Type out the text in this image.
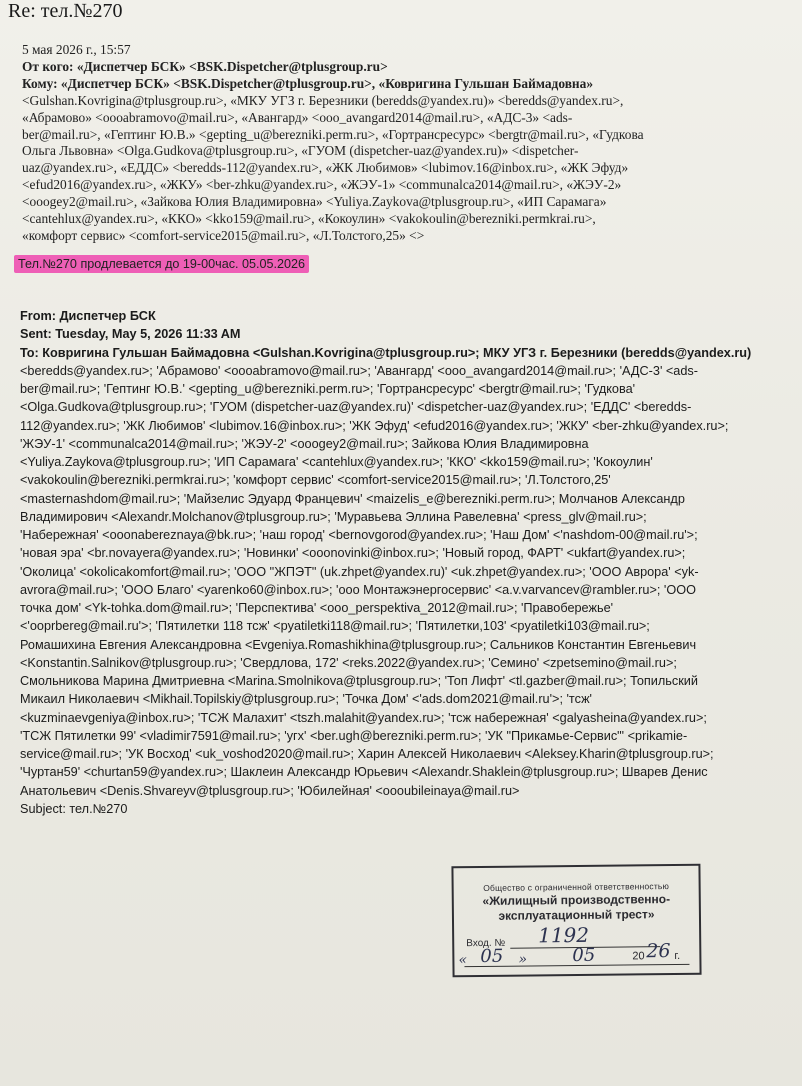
Re: тел.№270
5 мая 2026 г., 15:57
От кого: «Диспетчер БСК» <BSK.Dispetcher@tplusgroup.ru>
Кому: «Диспетчер БСК» <BSK.Dispetcher@tplusgroup.ru>, «Ковригина Гульшан Баймадовна»
<Gulshan.Kovrigina@tplusgroup.ru>, «МКУ УГЗ г. Березники (beredds@yandex.ru)» <beredds@yandex.ru>,
«Абрамово» <oooabramovo@mail.ru>, «Авангард» <ooo_avangard2014@mail.ru>, «АДС-3» <ads-
ber@mail.ru>, «Гептинг Ю.В.» <gepting_u@berezniki.perm.ru>, «Гортрансресурс» <bergtr@mail.ru>, «Гудкова
Ольга Львовна» <Olga.Gudkova@tplusgroup.ru>, «ГУОМ (dispetcher-uaz@yandex.ru)» <dispetcher-
uaz@yandex.ru>, «ЕДДС» <beredds-112@yandex.ru>, «ЖК Любимов» <lubimov.16@inbox.ru>, «ЖК Эфуд»
<efud2016@yandex.ru>, «ЖКУ» <ber-zhku@yandex.ru>, «ЖЭУ-1» <communalca2014@mail.ru>, «ЖЭУ-2»
<ooogey2@mail.ru>, «Зайкова Юлия Владимировна» <Yuliya.Zaykova@tplusgroup.ru>, «ИП Сарамага»
<cantehlux@yandex.ru>, «ККО» <kko159@mail.ru>, «Кокоулин» <vakokoulin@berezniki.permkrai.ru>,
«комфорт сервис» <comfort-service2015@mail.ru>, «Л.Толстого,25» <>
Тел.№270 продлевается до 19-00час. 05.05.2026
From: Диспетчер БСК
Sent: Tuesday, May 5, 2026 11:33 AM
To: Ковригина Гульшан Баймадовна <Gulshan.Kovrigina@tplusgroup.ru>; МКУ УГЗ г. Березники (beredds@yandex.ru)
<beredds@yandex.ru>; 'Абрамово' <oooabramovo@mail.ru>; 'Авангард' <ooo_avangard2014@mail.ru>; 'АДС-3' <ads-
ber@mail.ru>; 'Гептинг Ю.В.' <gepting_u@berezniki.perm.ru>; 'Гортрансресурс' <bergtr@mail.ru>; 'Гудкова'
<Olga.Gudkova@tplusgroup.ru>; 'ГУОМ (dispetcher-uaz@yandex.ru)' <dispetcher-uaz@yandex.ru>; 'ЕДДС' <beredds-
112@yandex.ru>; 'ЖК Любимов' <lubimov.16@inbox.ru>; 'ЖК Эфуд' <efud2016@yandex.ru>; 'ЖКУ' <ber-zhku@yandex.ru>;
'ЖЭУ-1' <communalca2014@mail.ru>; 'ЖЭУ-2' <ooogey2@mail.ru>; Зайкова Юлия Владимировна
<Yuliya.Zaykova@tplusgroup.ru>; 'ИП Сарамага' <cantehlux@yandex.ru>; 'ККО' <kko159@mail.ru>; 'Кокоулин'
<vakokoulin@berezniki.permkrai.ru>; 'комфорт сервис' <comfort-service2015@mail.ru>; 'Л.Толстого,25'
<masternashdom@mail.ru>; 'Майзелис Эдуард Францевич' <maizelis_e@berezniki.perm.ru>; Молчанов Александр
Владимирович <Alexandr.Molchanov@tplusgroup.ru>; 'Муравьева Эллина Равелевна' <press_glv@mail.ru>;
'Набережная' <ooonabereznaya@bk.ru>; 'наш город' <bernovgorod@yandex.ru>; 'Наш Дом' <'nashdom-00@mail.ru'>;
'новая эра' <br.novayera@yandex.ru>; 'Новинки' <ooonovinki@inbox.ru>; 'Новый город, ФАРТ' <ukfart@yandex.ru>;
'Околица' <okolicakomfort@mail.ru>; 'ООО "ЖПЭТ" (uk.zhpet@yandex.ru)' <uk.zhpet@yandex.ru>; 'ООО Аврора' <yk-
avrora@mail.ru>; 'ООО Благо' <yarenko60@inbox.ru>; 'ооо Монтажэнергосервис' <a.v.varvancev@rambler.ru>; 'ООО
точка дом' <Yk-tohka.dom@mail.ru>; 'Перспектива' <ooo_perspektiva_2012@mail.ru>; 'Правобережье'
<'ooprbereg@mail.ru'>; 'Пятилетки 118 тсж' <pyatiletki118@mail.ru>; 'Пятилетки,103' <pyatiletki103@mail.ru>;
Ромашихина Евгения Александровна <Evgeniya.Romashikhina@tplusgroup.ru>; Сальников Константин Евгеньевич
<Konstantin.Salnikov@tplusgroup.ru>; 'Свердлова, 172' <reks.2022@yandex.ru>; 'Семино' <zpetsemino@mail.ru>;
Смольникова Марина Дмитриевна <Marina.Smolnikova@tplusgroup.ru>; 'Топ Лифт' <tl.gazber@mail.ru>; Топильский
Микаил Николаевич <Mikhail.Topilskiy@tplusgroup.ru>; 'Точка Дом' <'ads.dom2021@mail.ru'>; 'тсж'
<kuzminaevgeniya@inbox.ru>; 'ТСЖ Малахит' <tszh.malahit@yandex.ru>; 'тсж набережная' <galyasheina@yandex.ru>;
'ТСЖ Пятилетки 99' <vladimir7591@mail.ru>; 'угх' <ber.ugh@berezniki.perm.ru>; 'УК "Прикамье-Сервис"' <prikamie-
service@mail.ru>; 'УК Восход' <uk_voshod2020@mail.ru>; Харин Алексей Николаевич <Aleksey.Kharin@tplusgroup.ru>;
'Чуртан59' <churtan59@yandex.ru>; Шаклеин Александр Юрьевич <Alexandr.Shaklein@tplusgroup.ru>; Шварев Денис
Анатольевич <Denis.Shvareyv@tplusgroup.ru>; 'Юбилейная' <ooоubileinaya@mail.ru>
Subject: тел.№270
Общество с ограниченной ответственностью
«Жилищный производственно-
эксплуатационный трест»
Вход. № 1192
« 05 »	05	20 26 г.
